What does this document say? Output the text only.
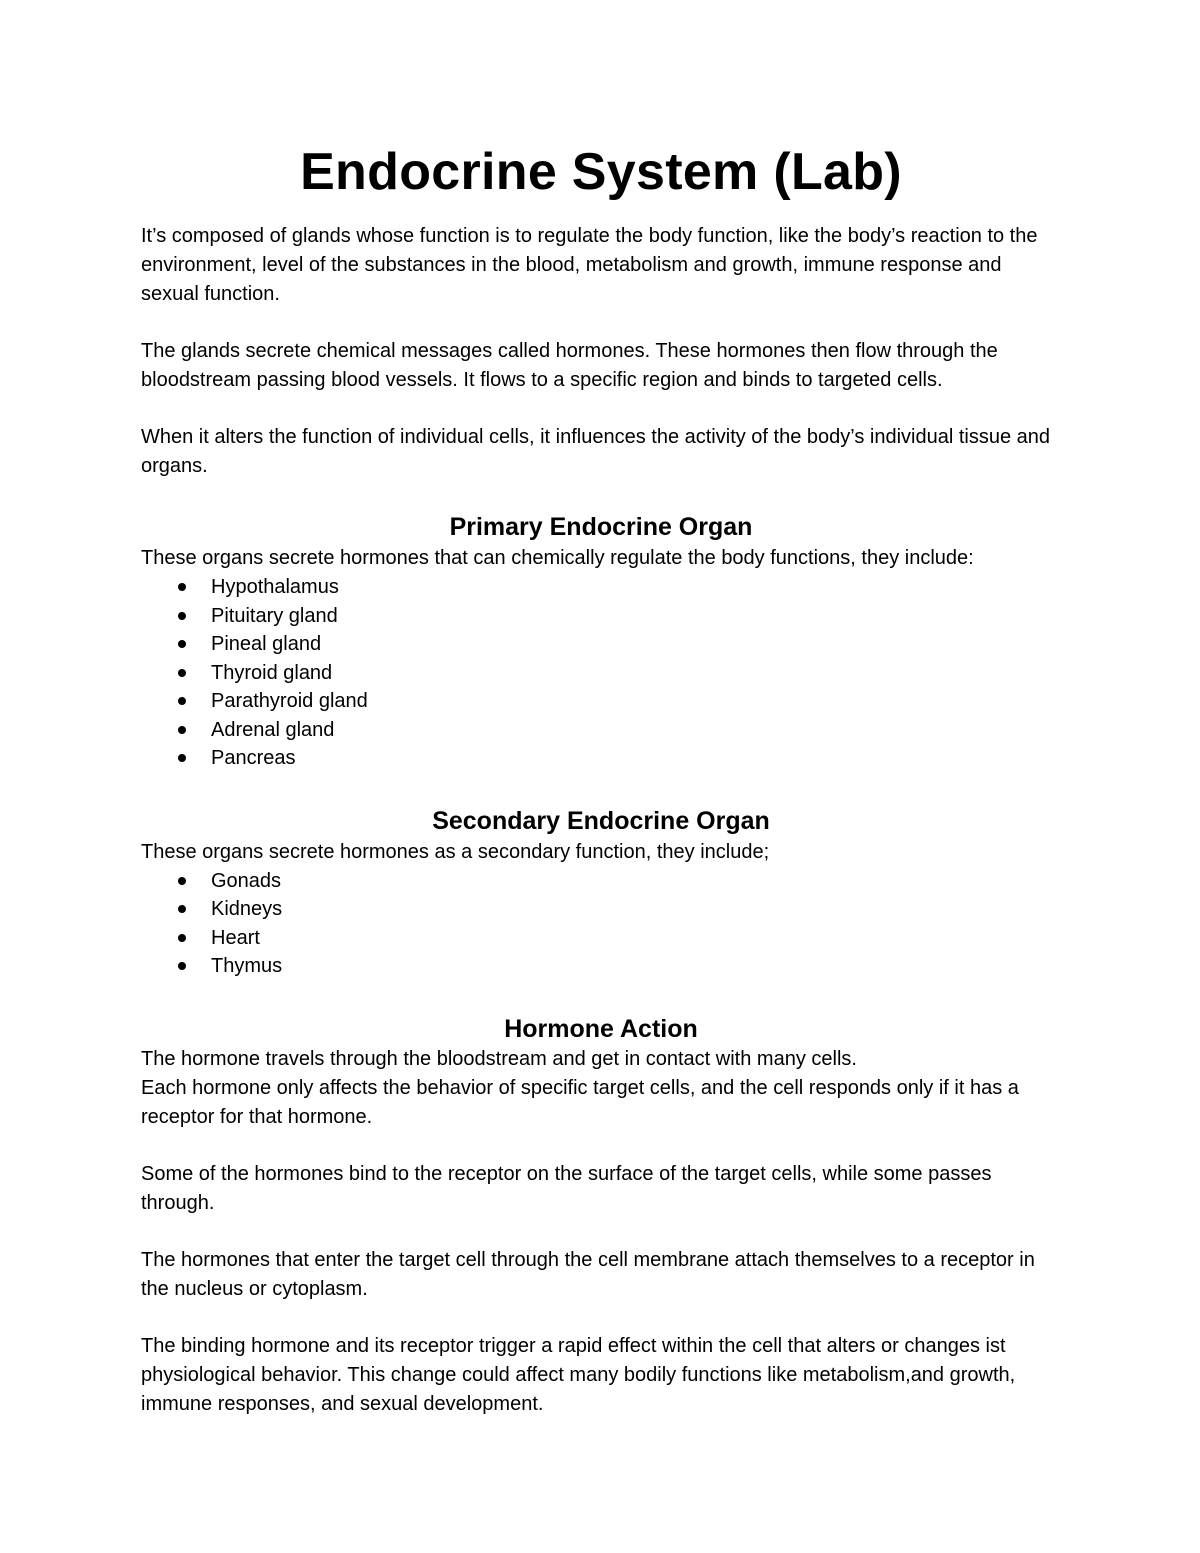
Endocrine System (Lab)

It’s composed of glands whose function is to regulate the body function, like the body’s reaction to the environment, level of the substances in the blood, metabolism and growth, immune response and sexual function.

The glands secrete chemical messages called hormones. These hormones then flow through the bloodstream passing blood vessels. It flows to a specific region and binds to targeted cells.

When it alters the function of individual cells, it influences the activity of the body’s individual tissue and organs.

Primary Endocrine Organ

These organs secrete hormones that can chemically regulate the body functions, they include:

Hypothalamus
Pituitary gland
Pineal gland
Thyroid gland
Parathyroid gland
Adrenal gland
Pancreas
Secondary Endocrine Organ

These organs secrete hormones as a secondary function, they include;

Gonads
Kidneys
Heart
Thymus
Hormone Action

The hormone travels through the bloodstream and get in contact with many cells.

Each hormone only affects the behavior of specific target cells, and the cell responds only if it has a receptor for that hormone.

Some of the hormones bind to the receptor on the surface of the target cells, while some passes through.

The hormones that enter the target cell through the cell membrane attach themselves to a receptor in the nucleus or cytoplasm.

The binding hormone and its receptor trigger a rapid effect within the cell that alters or changes ist physiological behavior. This change could affect many bodily functions like metabolism,and growth, immune responses, and sexual development.
